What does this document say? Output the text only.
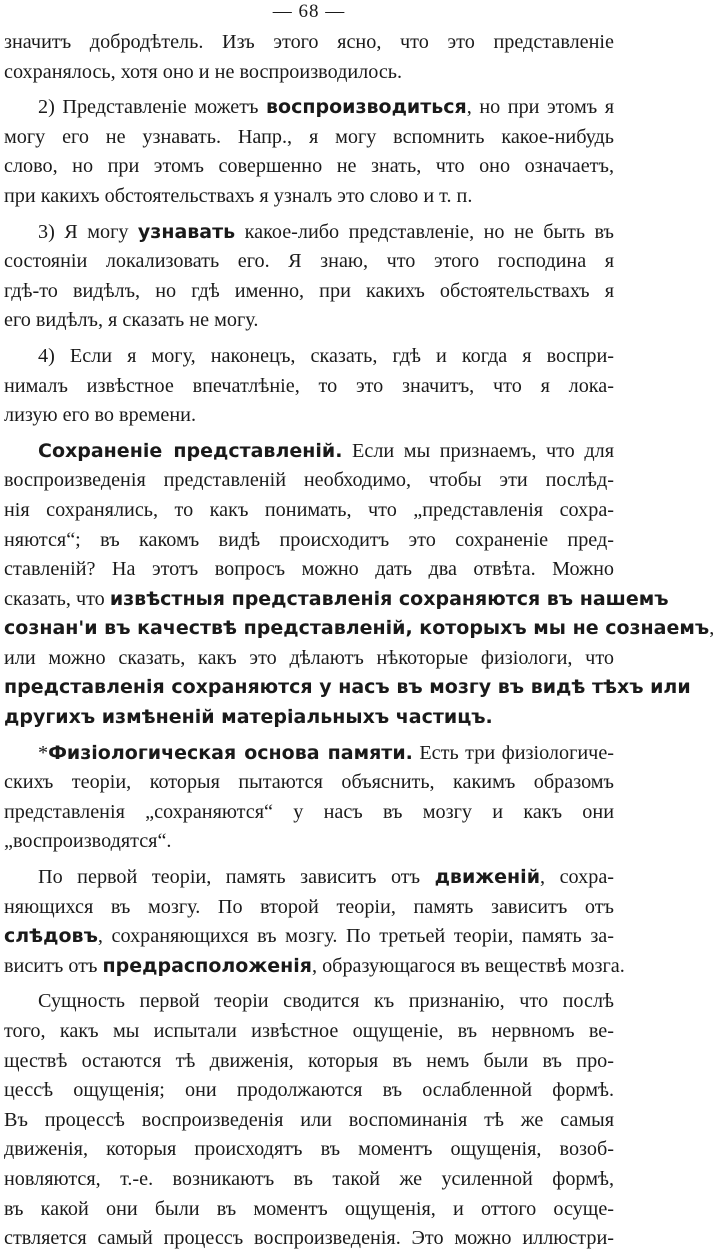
— 68 —
значитъ добродѣтель. Изъ этого ясно, что это представленіе
сохранялось, хотя оно и не воспроизводилось.
2) Представленіе можетъ воспроизводиться, но при этомъ я
могу его не узнавать. Напр., я могу вспомнить какое-нибудь
слово, но при этомъ совершенно не знать, что оно означаетъ,
при какихъ обстоятельствахъ я узналъ это слово и т. п.
3) Я могу узнавать какое-либо представленіе, но не быть въ
состояніи локализовать его. Я знаю, что этого господина я
гдѣ-то видѣлъ, но гдѣ именно, при какихъ обстоятельствахъ я
его видѣлъ, я сказать не могу.
4) Если я могу, наконецъ, сказать, гдѣ и когда я воспри-
нималъ извѣстное впечатлѣніе, то это значитъ, что я лока-
лизую его во времени.
Сохраненіе представленій. Если мы признаемъ, что для
воспроизведенія представленій необходимо, чтобы эти послѣд-
нія сохранялись, то какъ понимать, что „представленія сохра-
няются“; въ какомъ видѣ происходитъ это сохраненіе пред-
ставленій? На этотъ вопросъ можно дать два отвѣта. Можно
сказать, что извѣстныя представленія сохраняются въ нашемъ
сознан'и въ качествѣ представленій, которыхъ мы не сознаемъ,
или можно сказать, какъ это дѣлаютъ нѣкоторые физіологи, что
представленія сохраняются у насъ въ мозгу въ видѣ тѣхъ или
другихъ измѣненій матеріальныхъ частицъ.
*Физіологическая основа памяти. Есть три физіологиче-
скихъ теоріи, которыя пытаются объяснить, какимъ образомъ
представленія „сохраняются“ у насъ въ мозгу и какъ они
„воспроизводятся“.
По первой теоріи, память зависитъ отъ движеній, сохра-
няющихся въ мозгу. По второй теоріи, память зависитъ отъ
слѣдовъ, сохраняющихся въ мозгу. По третьей теоріи, память за-
виситъ отъ предрасположенія, образующагося въ веществѣ мозга.
Сущность первой теоріи сводится къ признанію, что послѣ
того, какъ мы испытали извѣстное ощущеніе, въ нервномъ ве-
ществѣ остаются тѣ движенія, которыя въ немъ были въ про-
цессѣ ощущенія; они продолжаются въ ослабленной формѣ.
Въ процессѣ воспроизведенія или воспоминанія тѣ же самыя
движенія, которыя происходятъ въ моментъ ощущенія, возоб-
новляются, т.-е. возникаютъ въ такой же усиленной формѣ,
въ какой они были въ моментъ ощущенія, и оттого осуще-
ствляется самый процессъ воспроизведенія. Это можно иллюстри-
